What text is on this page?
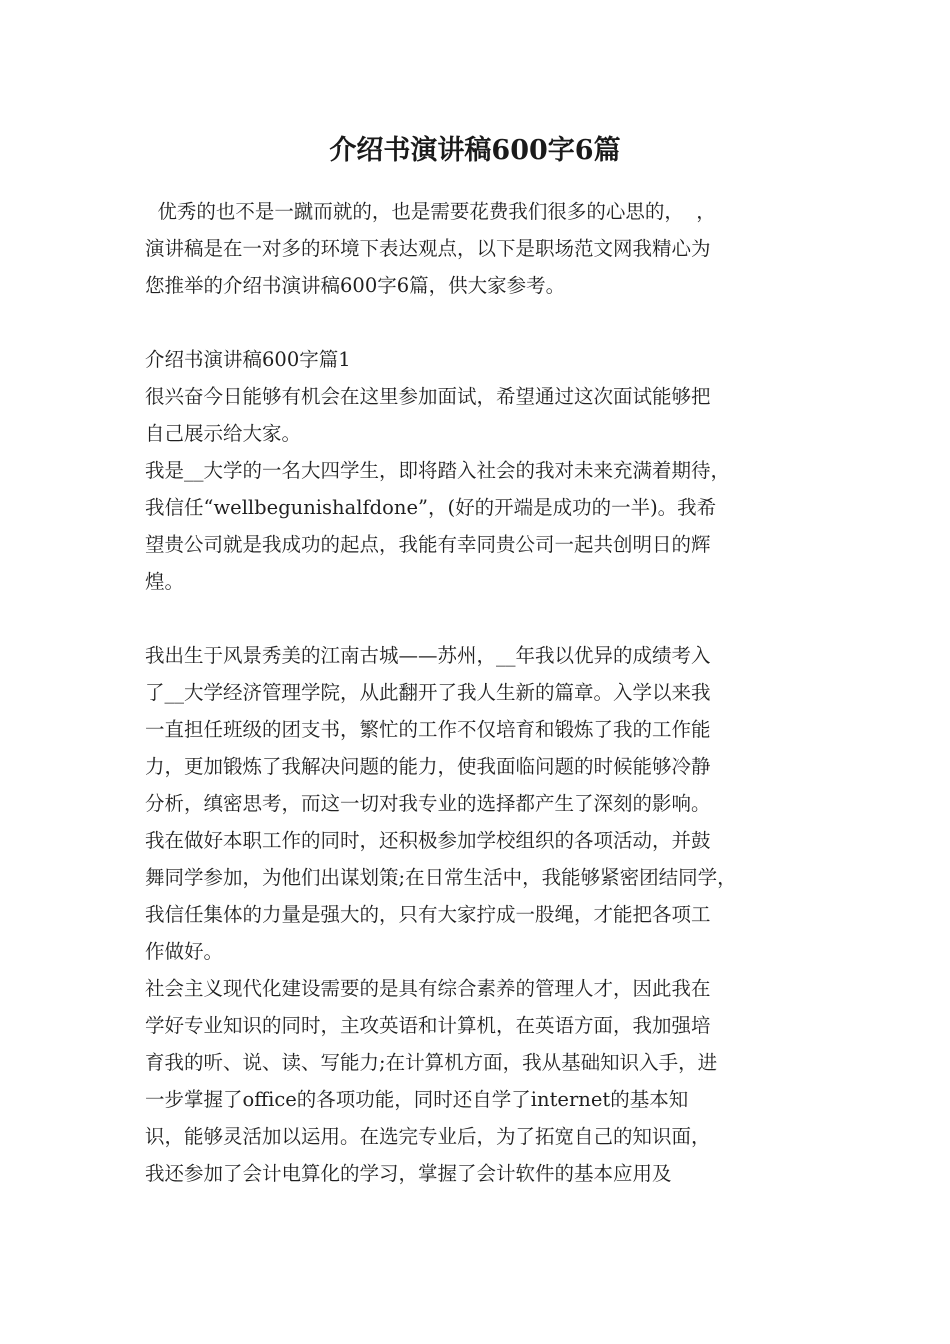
介绍书演讲稿600字6篇
优秀的也不是一蹴而就的，也是需要花费我们很多的心思的，  ，
演讲稿是在一对多的环境下表达观点，以下是职场范文网我精心为
您推举的介绍书演讲稿600字6篇，供大家参考。
介绍书演讲稿600字篇1
很兴奋今日能够有机会在这里参加面试，希望通过这次面试能够把
自己展示给大家。
我是__大学的一名大四学生，即将踏入社会的我对未来充满着期待，
我信任“wellbegunishalfdone”，(好的开端是成功的一半)。我希
望贵公司就是我成功的起点，我能有幸同贵公司一起共创明日的辉
煌。
我出生于风景秀美的江南古城——苏州，__年我以优异的成绩考入
了__大学经济管理学院，从此翻开了我人生新的篇章。入学以来我
一直担任班级的团支书，繁忙的工作不仅培育和锻炼了我的工作能
力，更加锻炼了我解决问题的能力，使我面临问题的时候能够冷静
分析，缜密思考，而这一切对我专业的选择都产生了深刻的影响。
我在做好本职工作的同时，还积极参加学校组织的各项活动，并鼓
舞同学参加，为他们出谋划策;在日常生活中，我能够紧密团结同学，
我信任集体的力量是强大的，只有大家拧成一股绳，才能把各项工
作做好。
社会主义现代化建设需要的是具有综合素养的管理人才，因此我在
学好专业知识的同时，主攻英语和计算机，在英语方面，我加强培
育我的听、说、读、写能力;在计算机方面，我从基础知识入手，进
一步掌握了office的各项功能，同时还自学了internet的基本知
识，能够灵活加以运用。在选完专业后，为了拓宽自己的知识面，
我还参加了会计电算化的学习，掌握了会计软件的基本应用及
